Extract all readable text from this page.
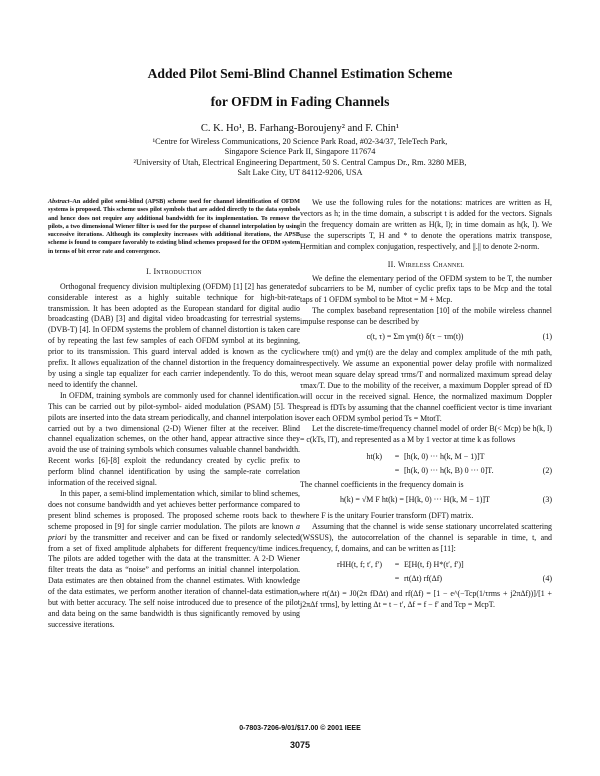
Added Pilot Semi-Blind Channel Estimation Scheme
for OFDM in Fading Channels
C. K. Ho¹, B. Farhang-Boroujeny² and F. Chin¹
¹Centre for Wireless Communications, 20 Science Park Road, #02-34/37, TeleTech Park,
Singapore Science Park II, Singapore 117674
²University of Utah, Electrical Engineering Department, 50 S. Central Campus Dr., Rm. 3280 MEB,
Salt Lake City, UT 84112-9206, USA
Abstract–An added pilot semi-blind (APSB) scheme used for channel identification of OFDM systems is proposed. This scheme uses pilot symbols that are added directly to the data symbols and hence does not require any additional bandwidth for its implementation. To remove the pilots, a two dimensional Wiener filter is used for the purpose of channel interpolation by using successive iterations. Although its complexity increases with additional iterations, the APSB scheme is found to compare favorably to existing blind schemes proposed for the OFDM system in terms of bit error rate and convergence.
I. Introduction

Orthogonal frequency division multiplexing (OFDM) [1] [2] has generated considerable interest as a highly suitable technique for high-bit-rate transmission. It has been adopted as the European standard for digital audio broadcasting (DAB) [3] and digital video broadcasting for terrestrial systems (DVB-T) [4]. In OFDM systems the problem of channel distortion is taken care of by repeating the last few samples of each OFDM symbol at its beginning, prior to its transmission. This guard interval added is known as the cyclic prefix. It allows equalization of the channel distortion in the frequency domain by using a single tap equalizer for each carrier independently. To do this, we need to identify the channel.

In OFDM, training symbols are commonly used for channel identification. This can be carried out by pilot-symbol- aided modulation (PSAM) [5]. The pilots are inserted into the data stream periodically, and channel interpolation is carried out by a two dimensional (2-D) Wiener filter at the receiver. Blind channel equalization schemes, on the other hand, appear attractive since they avoid the use of training symbols which consumes valuable channel bandwidth. Recent works [6]-[8] exploit the redundancy created by cyclic prefix to perform blind channel identification by using the sample-rate correlation information of the received signal.

In this paper, a semi-blind implementation which, similar to blind schemes, does not consume bandwidth and yet achieves better performance compared to present blind schemes is proposed. The proposed scheme roots back to the scheme proposed in [9] for single carrier modulation. The pilots are known a priori by the transmitter and receiver and can be fixed or randomly selected from a set of fixed amplitude alphabets for different frequency/time indices. The pilots are added together with the data at the transmitter. A 2-D Wiener filter treats the data as “noise” and performs an initial channel interpolation. Data estimates are then obtained from the channel estimates. With knowledge of the data estimates, we perform another iteration of channel-data estimation, but with better accuracy. The self noise introduced due to presence of the pilot and data being on the same bandwidth is thus significantly removed by using successive iterations.

We use the following rules for the notations: matrices are written as H, vectors as h; in the time domain, a subscript t is added for the vectors. Signals in the frequency domain are written as H(k, l); in time domain as h(k, l). We use the superscripts T, H and * to denote the operations matrix transpose, Hermitian and complex conjugation, respectively, and ||.|| to denote 2-norm.

II. Wireless Channel

We define the elementary period of the OFDM system to be T, the number of subcarriers to be M, number of cyclic prefix taps to be Mcp and the total taps of 1 OFDM symbol to be Mtot = M + Mcp.

The complex baseband representation [10] of the mobile wireless channel impulse response can be described by

c(t, τ) = Σm γm(t) δ(τ − τm(t))	(1)

where τm(t) and γm(t) are the delay and complex amplitude of the mth path, respectively. We assume an exponential power delay profile with normalized root mean square delay spread τrms/T and normalized maximum spread delay τmax/T. Due to the mobility of the receiver, a maximum Doppler spread of fD will occur in the received signal. Hence, the normalized maximum Doppler spread is fDTs by assuming that the channel coefficient vector is time invariant over each OFDM symbol period Ts = MtotT.

Let the discrete-time/frequency channel model of order B(< Mcp) be h(k, l) = c(kTs, lT), and represented as a M by 1 vector at time k as follows

ht(k)	= [h(k, 0) ··· h(k, M − 1)]T
= [h(k, 0) ··· h(k, B) 0 ··· 0]T.	(2)

The channel coefficients in the frequency domain is

h(k) = √M F ht(k) = [H(k, 0) ··· H(k, M − 1)]T	(3)

where F is the unitary Fourier transform (DFT) matrix.

Assuming that the channel is wide sense stationary uncorrelated scattering (WSSUS), the autocorrelation of the channel is separable in time, t, and frequency, f, domains, and can be written as [11]:

rHH(t, f; t′, f′)	= E[H(t, f) H*(t′, f′)]
= rt(Δt) rf(Δf)	(4)

where rt(Δt) = J0(2π fDΔt) and rf(Δf) = [1 − e^(−Tcp(1/τrms + j2πΔf))]/[1 + j2πΔf τrms], by letting Δt = t − t′, Δf = f − f′ and Tcp = McpT.

0-7803-7206-9/01/$17.00 © 2001 IEEE
3075
